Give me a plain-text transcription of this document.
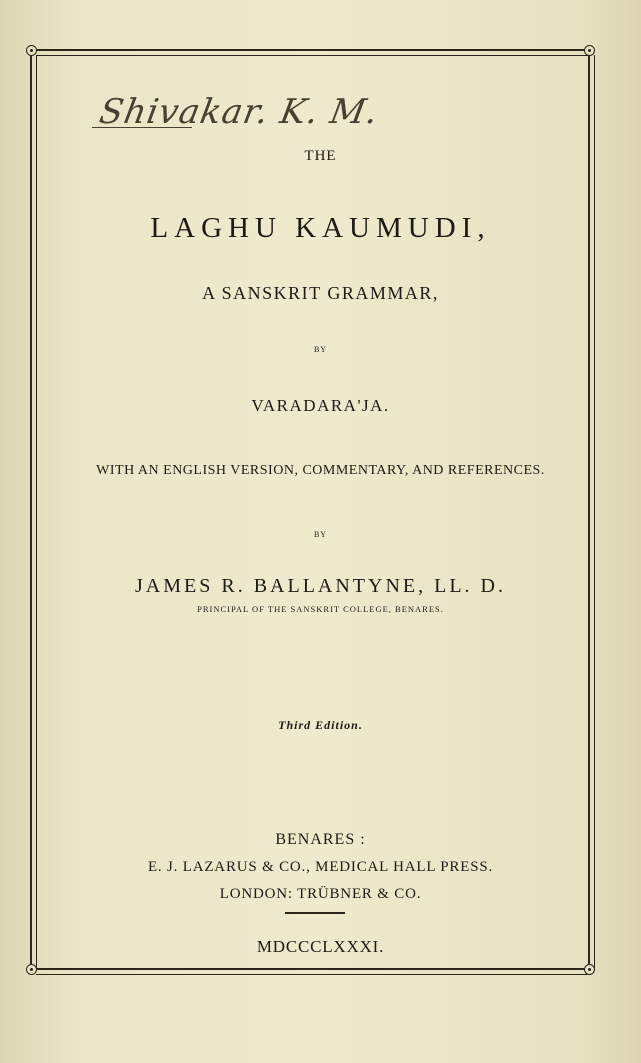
Shivakar. K. M.
THE
LAGHU KAUMUDI,
A SANSKRIT GRAMMAR,
BY
VARADARA'JA.
WITH AN ENGLISH VERSION, COMMENTARY, AND REFERENCES.
BY
JAMES R. BALLANTYNE, LL. D.
PRINCIPAL OF THE SANSKRIT COLLEGE, BENARES.
Third Edition.
BENARES :
E. J. LAZARUS & CO., MEDICAL HALL PRESS.
LONDON: TRÜBNER & CO.
MDCCCLXXXI.
